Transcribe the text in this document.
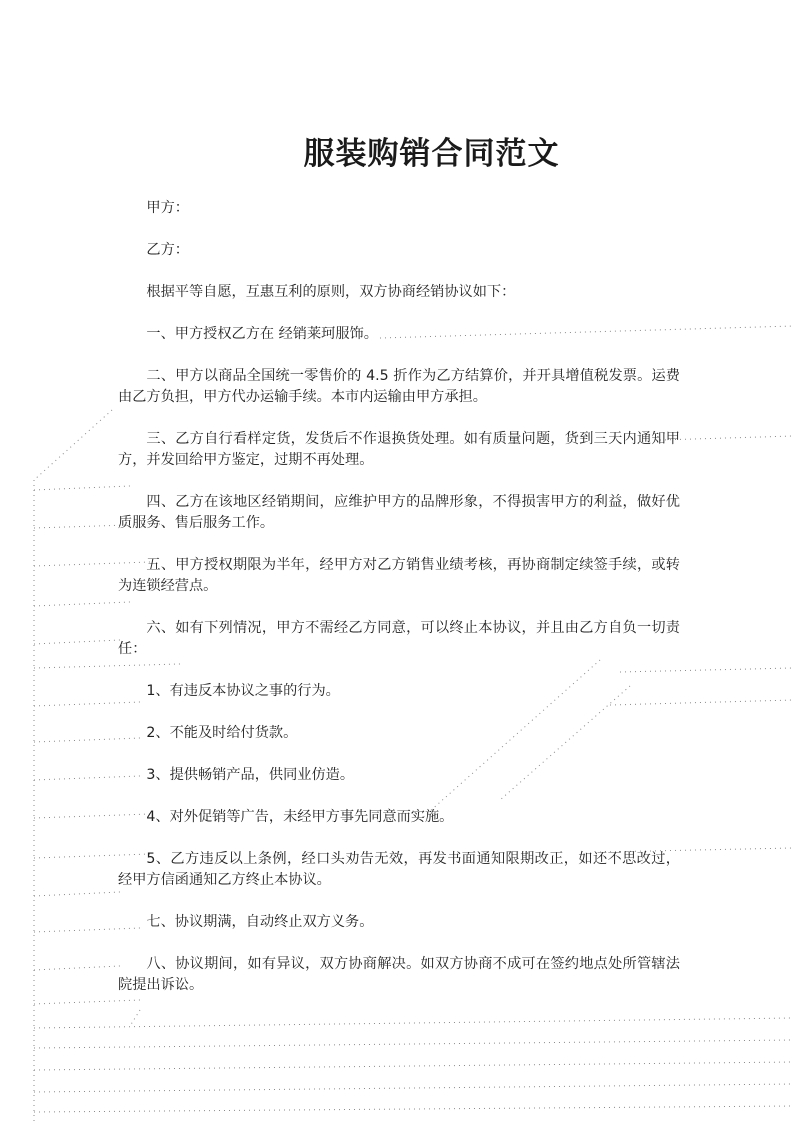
服装购销合同范文

甲方：

乙方：

根据平等自愿，互惠互利的原则，双方协商经销协议如下：

一、甲方授权乙方在 经销莱珂服饰。

二、甲方以商品全国统一零售价的 4.5 折作为乙方结算价，并开具增值税发票。运费由乙方负担，甲方代办运输手续。本市内运输由甲方承担。

三、乙方自行看样定货，发货后不作退换货处理。如有质量问题，货到三天内通知甲方，并发回给甲方鉴定，过期不再处理。

四、乙方在该地区经销期间，应维护甲方的品牌形象，不得损害甲方的利益，做好优质服务、售后服务工作。

五、甲方授权期限为半年，经甲方对乙方销售业绩考核，再协商制定续签手续，或转为连锁经营点。

六、如有下列情况，甲方不需经乙方同意，可以终止本协议，并且由乙方自负一切责任：

1、有违反本协议之事的行为。

2、不能及时给付货款。

3、提供畅销产品，供同业仿造。

4、对外促销等广告，未经甲方事先同意而实施。

5、乙方违反以上条例，经口头劝告无效，再发书面通知限期改正，如还不思改过，经甲方信函通知乙方终止本协议。

七、协议期满，自动终止双方义务。

八、协议期间，如有异议，双方协商解决。如双方协商不成可在签约地点处所管辖法院提出诉讼。
